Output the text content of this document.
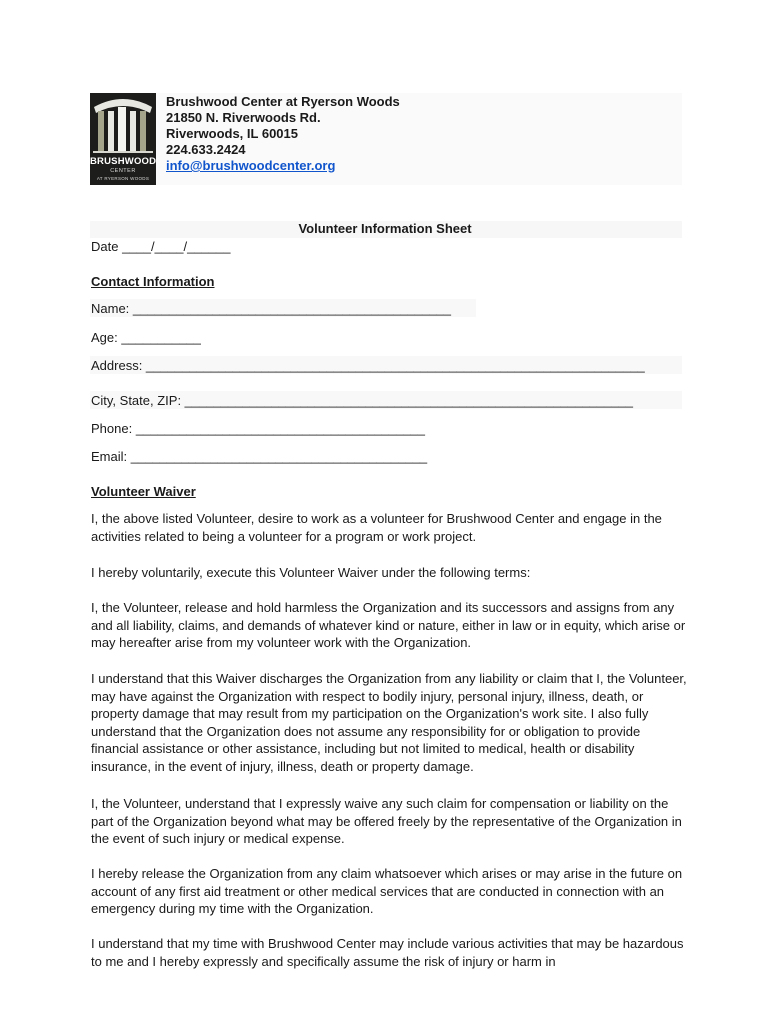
BRUSHWOOD
CENTER
AT RYERSON WOODS
Brushwood Center at Ryerson Woods
21850 N. Riverwoods Rd.
Riverwoods, IL 60015
224.633.2424
info@brushwoodcenter.org
Volunteer Information Sheet
Date ____/____/______
Contact Information
Name: ____________________________________________
Age: ___________
Address: _____________________________________________________________________
City, State, ZIP: ______________________________________________________________
Phone: ________________________________________
Email: _________________________________________
Volunteer Waiver

I, the above listed Volunteer, desire to work as a volunteer for Brushwood Center and engage in the activities related to being a volunteer for a program or work project.

I hereby voluntarily, execute this Volunteer Waiver under the following terms:

I, the Volunteer, release and hold harmless the Organization and its successors and assigns from any and all liability, claims, and demands of whatever kind or nature, either in law or in equity, which arise or may hereafter arise from my volunteer work with the Organization.

I understand that this Waiver discharges the Organization from any liability or claim that I, the Volunteer, may have against the Organization with respect to bodily injury, personal injury, illness, death, or property damage that may result from my participation on the Organization's work site. I also fully understand that the Organization does not assume any responsibility for or obligation to provide financial assistance or other assistance, including but not limited to medical, health or disability insurance, in the event of injury, illness, death or property damage.

I, the Volunteer, understand that I expressly waive any such claim for compensation or liability on the part of the Organization beyond what may be offered freely by the representative of the Organization in the event of such injury or medical expense.

I hereby release the Organization from any claim whatsoever which arises or may arise in the future on account of any first aid treatment or other medical services that are conducted in connection with an emergency during my time with the Organization.

I understand that my time with Brushwood Center may include various activities that may be hazardous to me and I hereby expressly and specifically assume the risk of injury or harm in
